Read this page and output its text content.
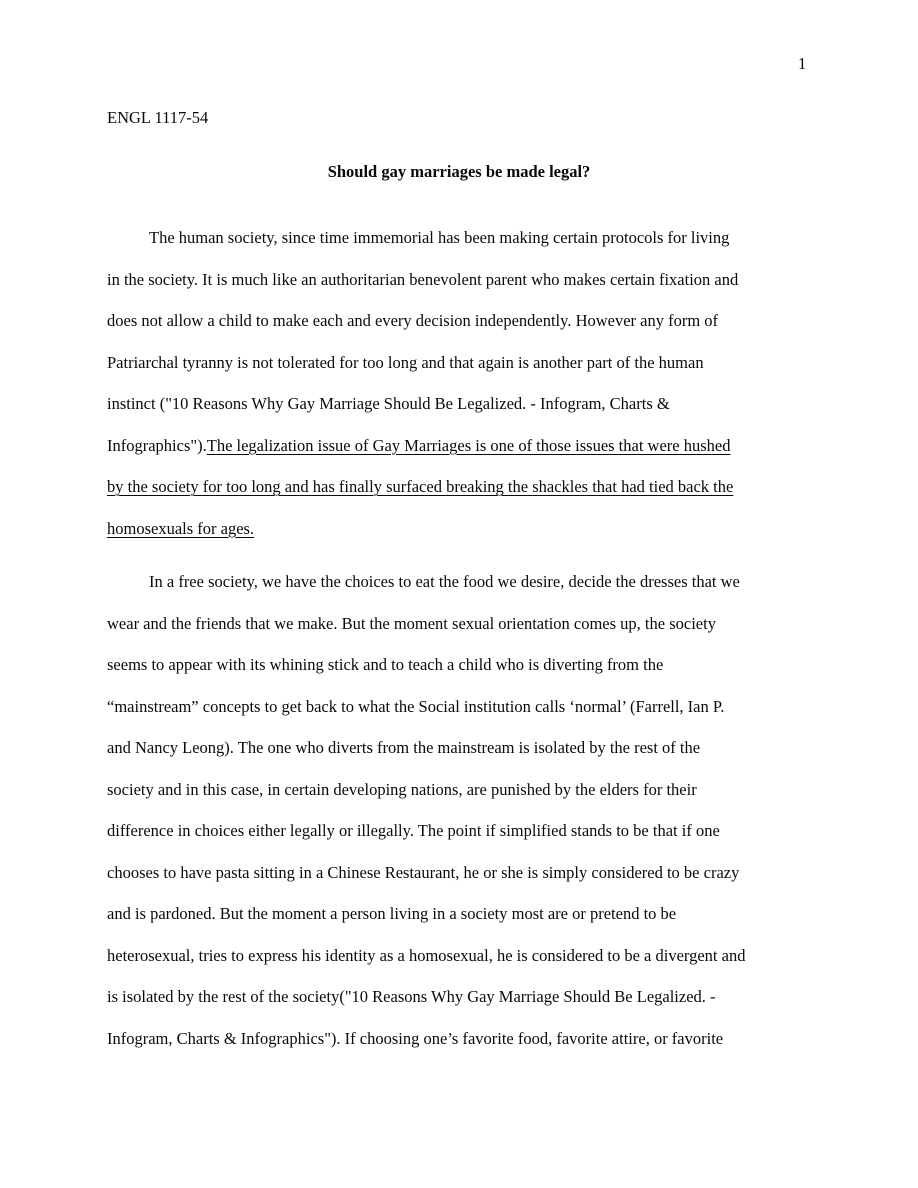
1
ENGL 1117-54
Should gay marriages be made legal?
The human society, since time immemorial has been making certain protocols for living
in the society. It is much like an authoritarian benevolent parent who makes certain fixation and
does not allow a child to make each and every decision independently. However any form of
Patriarchal tyranny is not tolerated for too long and that again is another part of the human
instinct ("10 Reasons Why Gay Marriage Should Be Legalized. - Infogram, Charts &
Infographics").The legalization issue of Gay Marriages is one of those issues that were hushed
by the society for too long and has finally surfaced breaking the shackles that had tied back the
homosexuals for ages.
In a free society, we have the choices to eat the food we desire, decide the dresses that we
wear and the friends that we make. But the moment sexual orientation comes up, the society
seems to appear with its whining stick and to teach a child who is diverting from the
“mainstream” concepts to get back to what the Social institution calls ‘normal’ (Farrell, Ian P.
and Nancy Leong). The one who diverts from the mainstream is isolated by the rest of the
society and in this case, in certain developing nations, are punished by the elders for their
difference in choices either legally or illegally. The point if simplified stands to be that if one
chooses to have pasta sitting in a Chinese Restaurant, he or she is simply considered to be crazy
and is pardoned. But the moment a person living in a society most are or pretend to be
heterosexual, tries to express his identity as a homosexual, he is considered to be a divergent and
is isolated by the rest of the society("10 Reasons Why Gay Marriage Should Be Legalized. -
Infogram, Charts & Infographics"). If choosing one’s favorite food, favorite attire, or favorite
